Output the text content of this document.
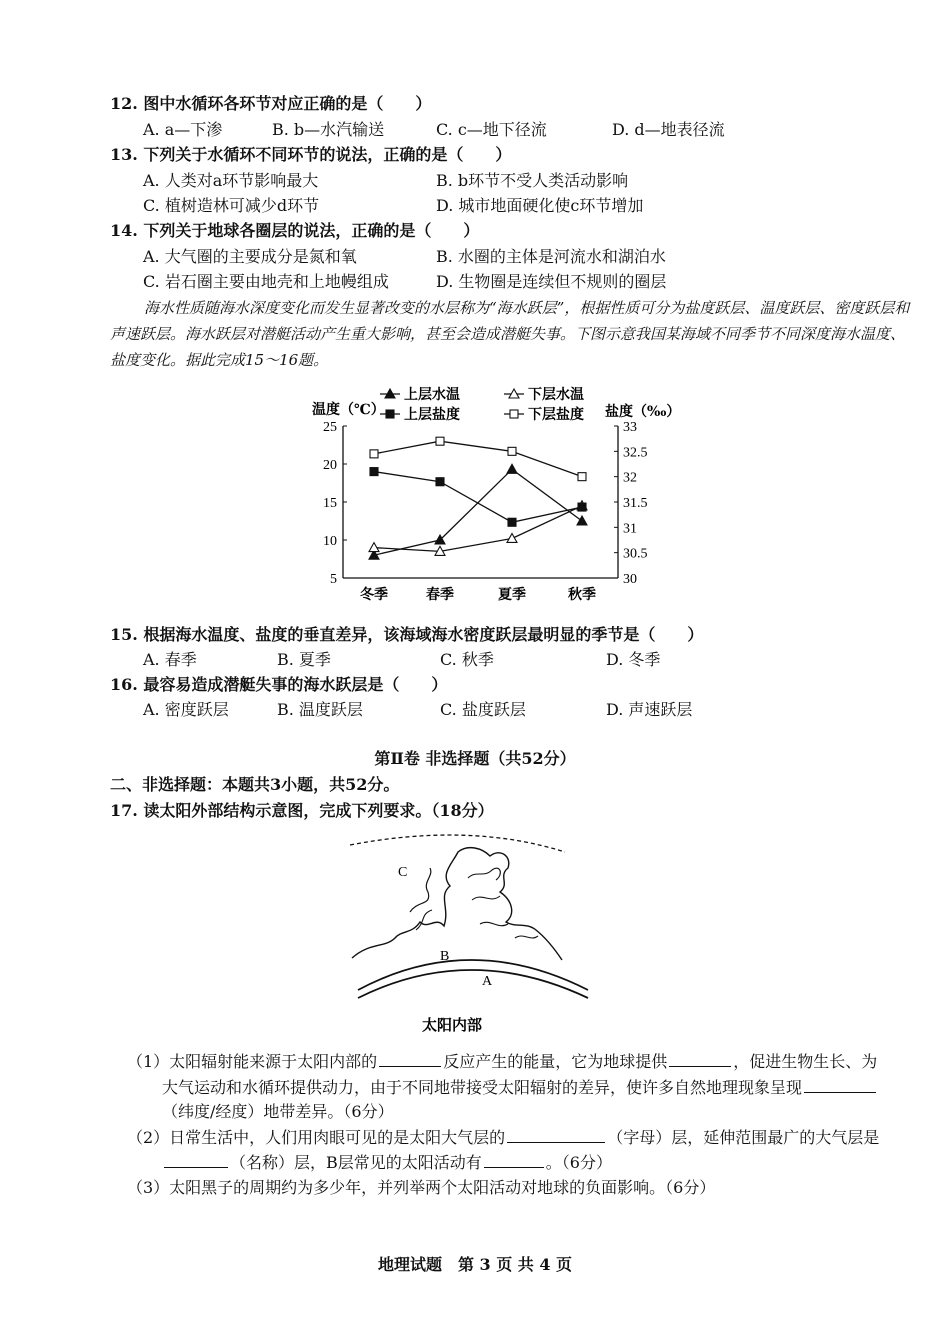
12. 图中水循环各环节对应正确的是（　　）
A. a—下渗	B. b—水汽输送	C. c—地下径流	D. d—地表径流
13. 下列关于水循环不同环节的说法，正确的是（　　）
A. 人类对a环节影响最大	B. b环节不受人类活动影响
C. 植树造林可减少d环节	D. 城市地面硬化使c环节增加
14. 下列关于地球各圈层的说法，正确的是（　　）
A. 大气圈的主要成分是氮和氧	B. 水圈的主体是河流水和湖泊水
C. 岩石圈主要由地壳和上地幔组成	D. 生物圈是连续但不规则的圈层
海水性质随海水深度变化而发生显著改变的水层称为“海水跃层”，根据性质可分为盐度跃层、温度跃层、密度跃层和声速跃层。海水跃层对潜艇活动产生重大影响，甚至会造成潜艇失事。下图示意我国某海域不同季节不同深度海水温度、盐度变化。据此完成15～16题。
25
20
15
10
5
33
32.5
32
31.5
31
30.5
30
冬季	春季	夏季	秋季
温度（℃）	盐度（‰）
上层水温	下层水温
上层盐度	下层盐度
15. 根据海水温度、盐度的垂直差异，该海域海水密度跃层最明显的季节是（　　）
A. 春季	B. 夏季	C. 秋季	D. 冬季
16. 最容易造成潜艇失事的海水跃层是（　　）
A. 密度跃层	B. 温度跃层	C. 盐度跃层	D. 声速跃层
第Ⅱ卷 非选择题（共52分）
二、非选择题：本题共3小题，共52分。
17. 读太阳外部结构示意图，完成下列要求。（18分）
C
B
A
太阳内部
（1）太阳辐射能来源于太阳内部的	反应产生的能量，它为地球提供	，促进生物生长、为
大气运动和水循环提供动力，由于不同地带接受太阳辐射的差异，使许多自然地理现象呈现
（纬度/经度）地带差异。（6分）
（2）日常生活中，人们用肉眼可见的是太阳大气层的	（字母）层，延伸范围最广的大气层是
（名称）层，B层常见的太阳活动有	。（6分）
（3）太阳黑子的周期约为多少年，并列举两个太阳活动对地球的负面影响。（6分）
地理试题　第 3 页 共 4 页
